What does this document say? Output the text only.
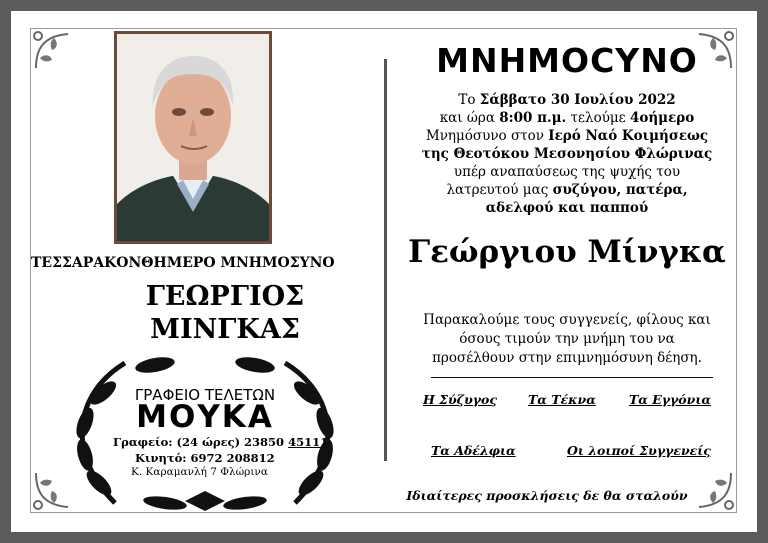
ΤΕΣΣΑΡΑΚΟΝΘΗΜΕΡΟ ΜΝΗΜΟΣΥΝΟ
ΓΕΩΡΓΙΟΣ
ΜΙΝΓΚΑΣ
ΓΡΑΦΕΙΟ ΤΕΛΕΤΩΝ
ΜΟΥΚΑ
Γραφείο: (24 ώρες) 23850 45111
Κινητό: 6972 208812
Κ. Καραμανλή 7 Φλώρινα
ΜΝΗΜΟCΥΝΟ
Το Σάββατο 30 Ιουλίου 2022
και ώρα 8:00 π.μ. τελούμε 4οήμερο
Μνημόσυνο στον Ιερό Ναό Κοιμήσεως
της Θεοτόκου Μεσονησίου Φλώρινας
υπέρ αναπαύσεως της ψυχής του
λατρευτού μας συζύγου, πατέρα,
αδελφού και παππού
Γεώργιου Μίνγκα
Παρακαλούμε τους συγγενείς, φίλους και
όσους τιμούν την μνήμη του να
προσέλθουν στην επιμνημόσυνη δέηση.
Η Σύζυγος Τα Τέκνα	Τα Εγγόνια
Τα Αδέλφια	Οι λοιποί Συγγενείς
Ιδιαίτερες προσκλήσεις δε θα σταλούν
